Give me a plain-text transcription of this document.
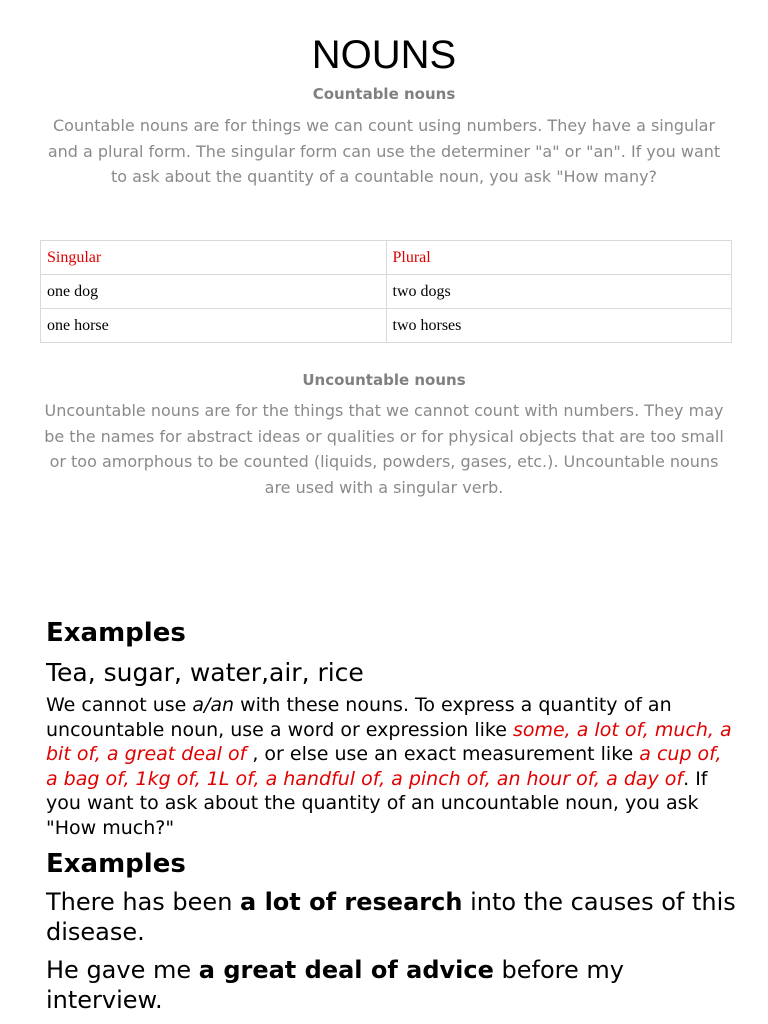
NOUNS
Countable nouns
Countable nouns are for things we can count using numbers. They have a singular and a plural form. The singular form can use the determiner "a" or "an". If you want to ask about the quantity of a countable noun, you ask "How many?
Singular	Plural
one dog	two dogs
one horse	two horses
Uncountable nouns
Uncountable nouns are for the things that we cannot count with numbers. They may be the names for abstract ideas or qualities or for physical objects that are too small or too amorphous to be counted (liquids, powders, gases, etc.). Uncountable nouns are used with a singular verb.
Examples
Tea, sugar, water,air, rice
We cannot use a/an with these nouns. To express a quantity of an uncountable noun, use a word or expression like some, a lot of, much, a bit of, a great deal of , or else use an exact measurement like a cup of, a bag of, 1kg of, 1L of, a handful of, a pinch of, an hour of, a day of. If you want to ask about the quantity of an uncountable noun, you ask "How much?"
Examples
There has been a lot of research into the causes of this disease.
He gave me a great deal of advice before my interview.
